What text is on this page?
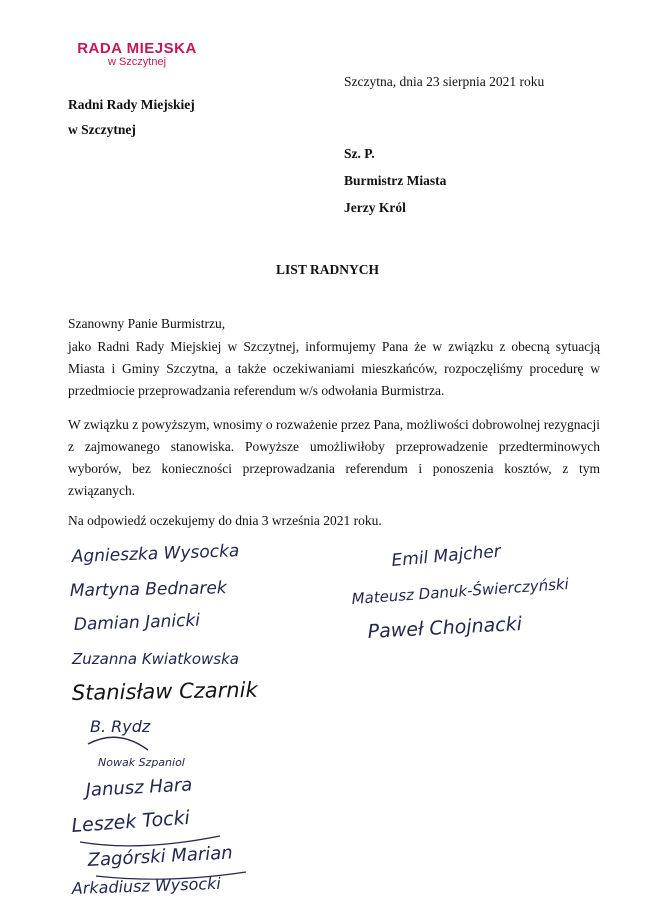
RADA MIEJSKA
w Szczytnej
Szczytna, dnia 23 sierpnia 2021 roku
Radni Rady Miejskiej
w Szczytnej
Sz. P.
Burmistrz Miasta
Jerzy Król
LIST RADNYCH
Szanowny Panie Burmistrzu,
jako Radni Rady Miejskiej w Szczytnej, informujemy Pana że w związku z obecną sytuacją Miasta i Gminy Szczytna, a także oczekiwaniami mieszkańców, rozpoczęliśmy procedurę w przedmiocie przeprowadzania referendum w/s odwołania Burmistrza.
W związku z powyższym, wnosimy o rozważenie przez Pana, możliwości dobrowolnej rezygnacji z zajmowanego stanowiska. Powyższe umożliwiłoby przeprowadzenie przedterminowych wyborów, bez konieczności przeprowadzania referendum i ponoszenia kosztów, z tym związanych.
Na odpowiedź oczekujemy do dnia 3 września 2021 roku.
Agnieszka Wysocka
Martyna Bednarek
Damian Janicki
Zuzanna Kwiatkowska
Stanisław Czarnik
B. Rydz
Nowak Szpaniol
Janusz Hara
Leszek Tocki
Zagórski Marian
Arkadiusz Wysocki
Emil Majcher
Mateusz Danuk-Świerczyński
Paweł Chojnacki
